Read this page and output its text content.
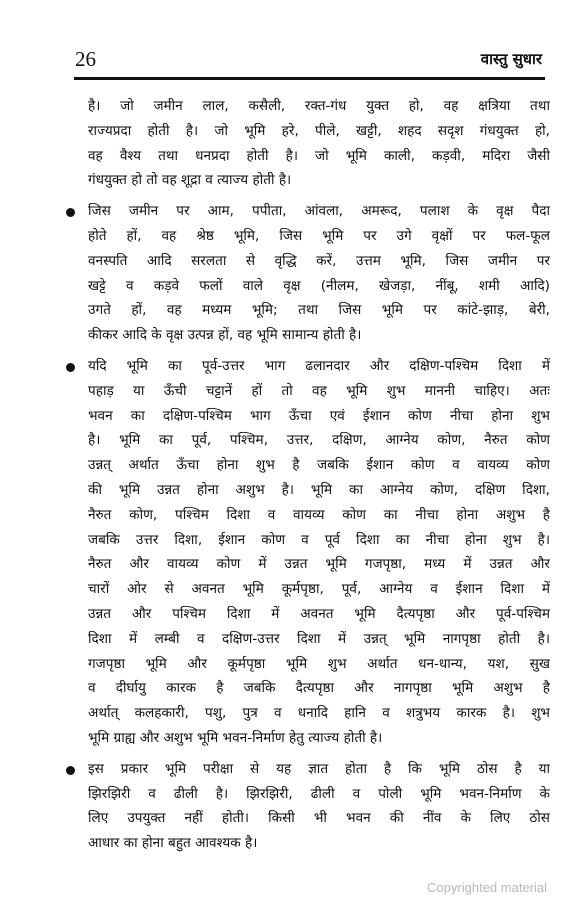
26	वास्तु सुधार
है। जो जमीन लाल, कसैली, रक्त-गंध युक्त हो, वह क्षत्रिया तथा
राज्यप्रदा होती है। जो भूमि हरे, पीले, खट्टी, शहद सदृश गंधयुक्त हो,
वह वैश्य तथा धनप्रदा होती है। जो भूमि काली, कड़वी, मदिरा जैसी
गंधयुक्त हो तो वह शूद्रा व त्याज्य होती है।
जिस जमीन पर आम, पपीता, आंवला, अमरूद, पलाश के वृक्ष पैदा
होते हों, वह श्रेष्ठ भूमि, जिस भूमि पर उगे वृक्षों पर फल-फूल
वनस्पति आदि सरलता से वृद्धि करें, उत्तम भूमि, जिस जमीन पर
खट्टे व कड़वे फलों वाले वृक्ष (नीलम, खेजड़ा, नींबू, शमी आदि)
उगते हों, वह मध्यम भूमि; तथा जिस भूमि पर कांटे-झाड़, बेरी,
कीकर आदि के वृक्ष उत्पन्न हों, वह भूमि सामान्य होती है।
यदि भूमि का पूर्व-उत्तर भाग ढलानदार और दक्षिण-पश्चिम दिशा में
पहाड़ या ऊँची चट्टानें हों तो वह भूमि शुभ माननी चाहिए। अतः
भवन का दक्षिण-पश्चिम भाग ऊँचा एवं ईशान कोण नीचा होना शुभ
है। भूमि का पूर्व, पश्चिम, उत्तर, दक्षिण, आग्नेय कोण, नैरुत कोण
उन्नत् अर्थात ऊँचा होना शुभ है जबकि ईशान कोण व वायव्य कोण
की भूमि उन्नत होना अशुभ है। भूमि का आग्नेय कोण, दक्षिण दिशा,
नैरुत कोण, पश्चिम दिशा व वायव्य कोण का नीचा होना अशुभ है
जबकि उत्तर दिशा, ईशान कोण व पूर्व दिशा का नीचा होना शुभ है।
नैरुत और वायव्य कोण में उन्नत भूमि गजपृष्ठा, मध्य में उन्नत और
चारों ओर से अवनत भूमि कूर्मपृष्ठा, पूर्व, आग्नेय व ईशान दिशा में
उन्नत और पश्चिम दिशा में अवनत भूमि दैत्यपृष्ठा और पूर्व-पश्चिम
दिशा में लम्बी व दक्षिण-उत्तर दिशा में उन्नत् भूमि नागपृष्ठा होती है।
गजपृष्ठा भूमि और कूर्मपृष्ठा भूमि शुभ अर्थात धन-धान्य, यश, सुख
व दीर्घायु कारक है जबकि दैत्यपृष्ठा और नागपृष्ठा भूमि अशुभ है
अर्थात् कलहकारी, पशु, पुत्र व धनादि हानि व शत्रुभय कारक है। शुभ
भूमि ग्राह्य और अशुभ भूमि भवन-निर्माण हेतु त्याज्य होती है।
इस प्रकार भूमि परीक्षा से यह ज्ञात होता है कि भूमि ठोस है या
झिरझिरी व ढीली है। झिरझिरी, ढीली व पोली भूमि भवन-निर्माण के
लिए उपयुक्त नहीं होती। किसी भी भवन की नींव के लिए ठोस
आधार का होना बहुत आवश्यक है।
Copyrighted material
